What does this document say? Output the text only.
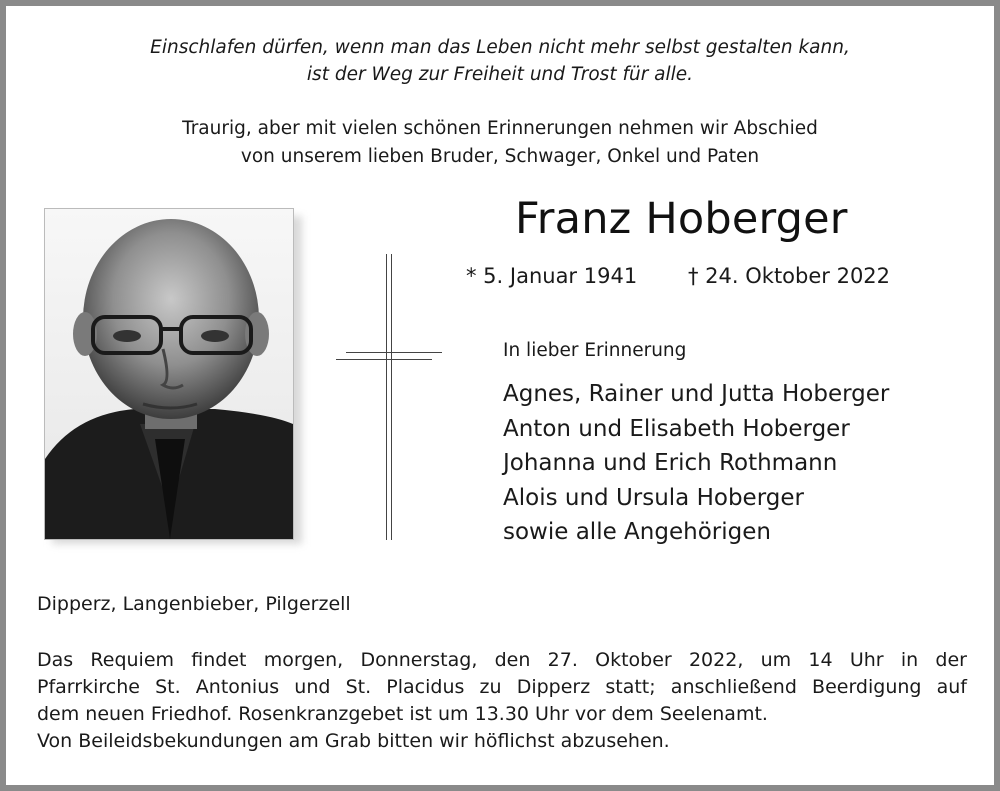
Einschlafen dürfen, wenn man das Leben nicht mehr selbst gestalten kann,
ist der Weg zur Freiheit und Trost für alle.
Traurig, aber mit vielen schönen Erinnerungen nehmen wir Abschied
von unserem lieben Bruder, Schwager, Onkel und Paten
Franz Hoberger
* 5. Januar 1941 † 24. Oktober 2022
In lieber Erinnerung
Agnes, Rainer und Jutta Hoberger
Anton und Elisabeth Hoberger
Johanna und Erich Rothmann
Alois und Ursula Hoberger
sowie alle Angehörigen
Dipperz, Langenbieber, Pilgerzell
Das Requiem findet morgen, Donnerstag, den 27. Oktober 2022, um 14 Uhr in der
Pfarrkirche St. Antonius und St. Placidus zu Dipperz statt; anschließend Beerdigung auf
dem neuen Friedhof. Rosenkranzgebet ist um 13.30 Uhr vor dem Seelenamt.
Von Beileidsbekundungen am Grab bitten wir höflichst abzusehen.
